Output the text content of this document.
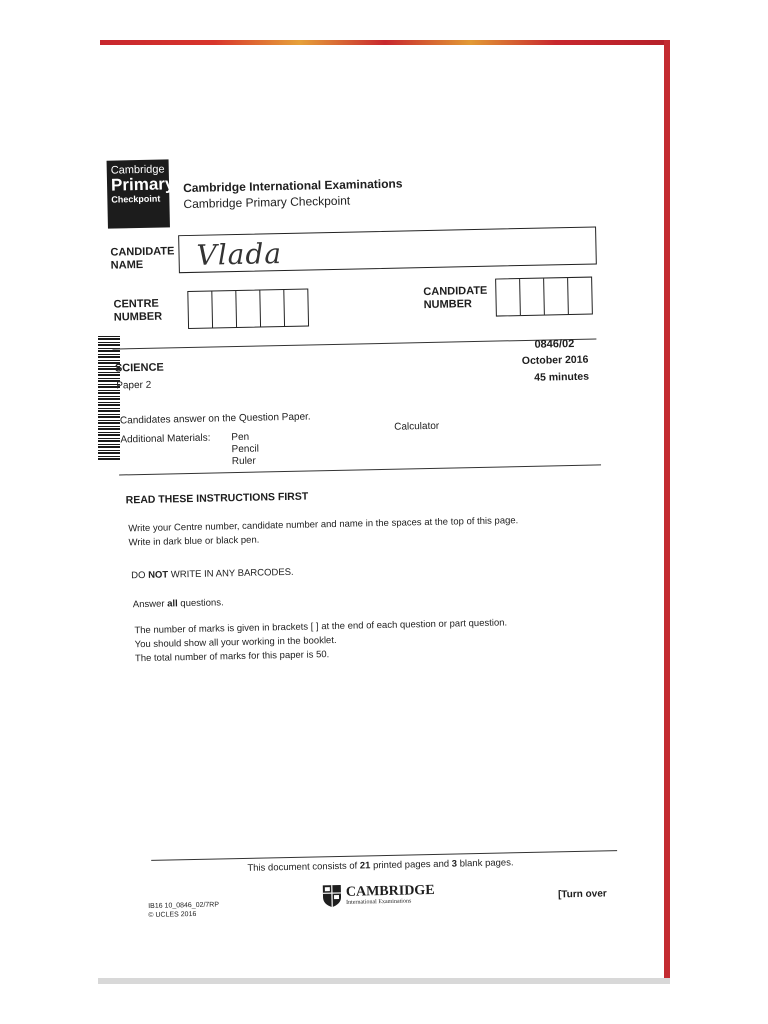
Cambridge
Primary
Checkpoint
Cambridge International Examinations
Cambridge Primary Checkpoint
CANDIDATE
NAME	Vlada
CENTRE
NUMBER
CANDIDATE
NUMBER
0846/02
SCIENCE
Paper 2
October 2016
45 minutes
Candidates answer on the Question Paper.
Additional Materials: Pen
Pencil
Ruler
Calculator
READ THESE INSTRUCTIONS FIRST
Write your Centre number, candidate number and name in the spaces at the top of this page.
Write in dark blue or black pen.
DO NOT WRITE IN ANY BARCODES.
Answer all questions.
The number of marks is given in brackets [ ] at the end of each question or part question.
You should show all your working in the booklet.
The total number of marks for this paper is 50.
This document consists of 21 printed pages and 3 blank pages.
IB16 10_0846_02/7RP
© UCLES 2016
CAMBRIDGE
International Examinations
[Turn over
